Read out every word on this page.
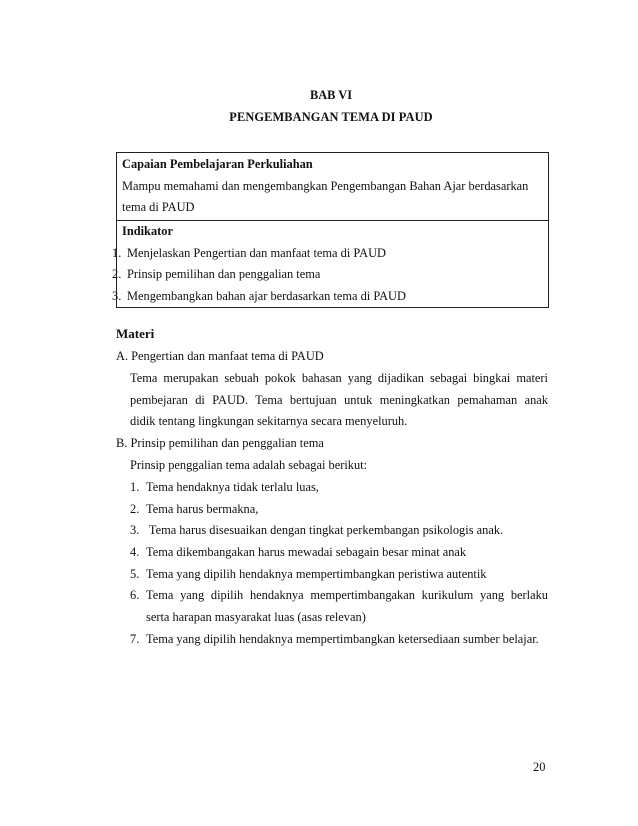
BAB VI
PENGEMBANGAN TEMA DI PAUD
Capaian Pembelajaran Perkuliahan
Mampu memahami dan mengembangkan Pengembangan Bahan Ajar berdasarkan
tema di PAUD

Indikator
1. Menjelaskan Pengertian dan manfaat tema di PAUD
2. Prinsip pemilihan dan penggalian tema
3. Mengembangkan bahan ajar berdasarkan tema di PAUD
Materi
A. Pengertian dan manfaat tema di PAUD
Tema merupakan sebuah pokok bahasan yang dijadikan sebagai bingkai materi
pembejaran di PAUD. Tema bertujuan untuk meningkatkan pemahaman anak
didik tentang lingkungan sekitarnya secara menyeluruh.
B. Prinsip pemilihan dan penggalian tema
Prinsip penggalian tema adalah sebagai berikut:
1. Tema hendaknya tidak terlalu luas,
2. Tema harus bermakna,
3. Tema harus disesuaikan dengan tingkat perkembangan psikologis anak.
4. Tema dikembangakan harus mewadai sebagain besar minat anak
5. Tema yang dipilih hendaknya mempertimbangkan peristiwa autentik
6. Tema yang dipilih hendaknya mempertimbangakan kurikulum yang berlaku
serta harapan masyarakat luas (asas relevan)
7. Tema yang dipilih hendaknya mempertimbangkan ketersediaan sumber belajar.
20
